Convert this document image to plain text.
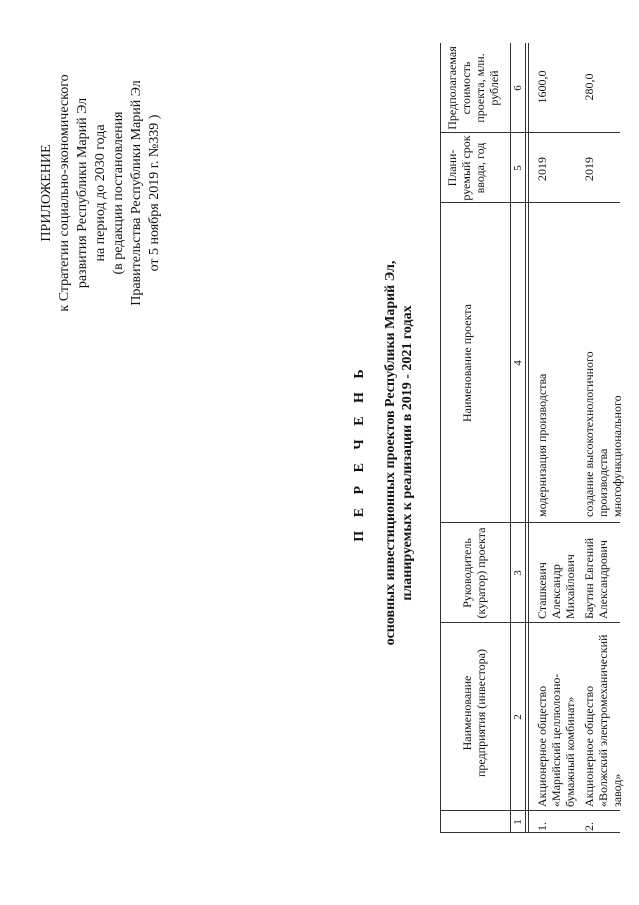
ПРИЛОЖЕНИЕ к Стратегии социально-экономического развития Республики Марий Эл на период до 2030 года (в редакции постановления Правительства Республики Марий Эл от 5 ноября 2019 г. №339 )
П Е Р Е Ч Е Н Ь основных инвестиционных проектов Республики Марий Эл, планируемых к реализации в 2019 - 2021 годах
Наименование предприятия (инвестора)
Руководитель (куратор) проекта
Наименование проекта
Плани- руемый срок ввода, год
Предполагаемая стоимость проекта, млн. рублей
1
2
3
4
5
6
1.
Акционерное общество «Марийский целлюлозно-бумажный комбинат»
Сташкевич Александр Михайлович
модернизация производства
2019
1600,0
2.
Акционерное общество «Волжский электромеханический завод»
Баутин Евгений Александрович
создание высокотехнологичного производства многофункционального
2019
280,0
